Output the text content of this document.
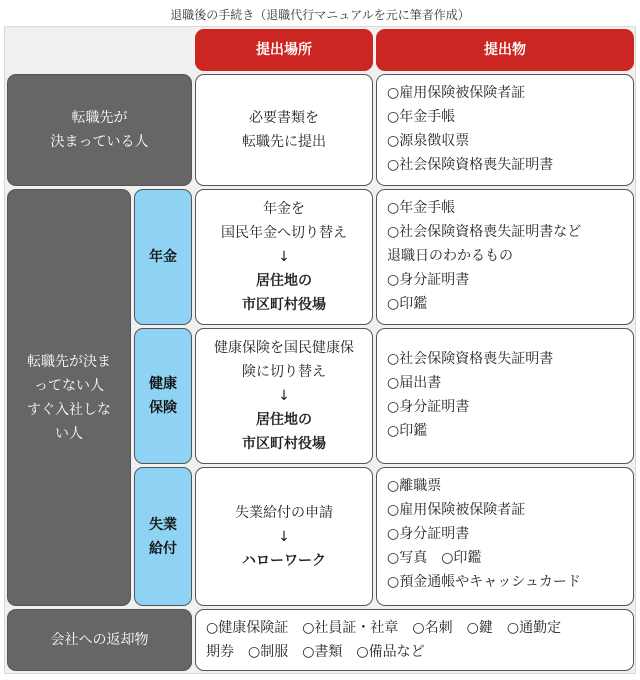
退職後の手続き（退職代行マニュアルを元に筆者作成）
提出場所	提出物
転職先が
決まっている人
必要書類を
転職先に提出
○雇用保険被保険者証
○年金手帳
○源泉徴収票
○社会保険資格喪失証明書
転職先が決ま
ってない人
すぐ入社しな
い人
年金
年金を
国民年金へ切り替え
↓
居住地の
市区町村役場
○年金手帳
○社会保険資格喪失証明書など
退職日のわかるもの
○身分証明書
○印鑑
健康
保険
健康保険を国民健康保
険に切り替え
↓
居住地の
市区町村役場
○社会保険資格喪失証明書
○届出書
○身分証明書
○印鑑
失業
給付
失業給付の申請
↓
ハローワーク
○離職票
○雇用保険被保険者証
○身分証明書
○写真 ○印鑑
○預金通帳やキャッシュカード
会社への返却物
○健康保険証　○社員証・社章　○名刺　○鍵　○通勤定
期券　○制服　○書類　○備品など
